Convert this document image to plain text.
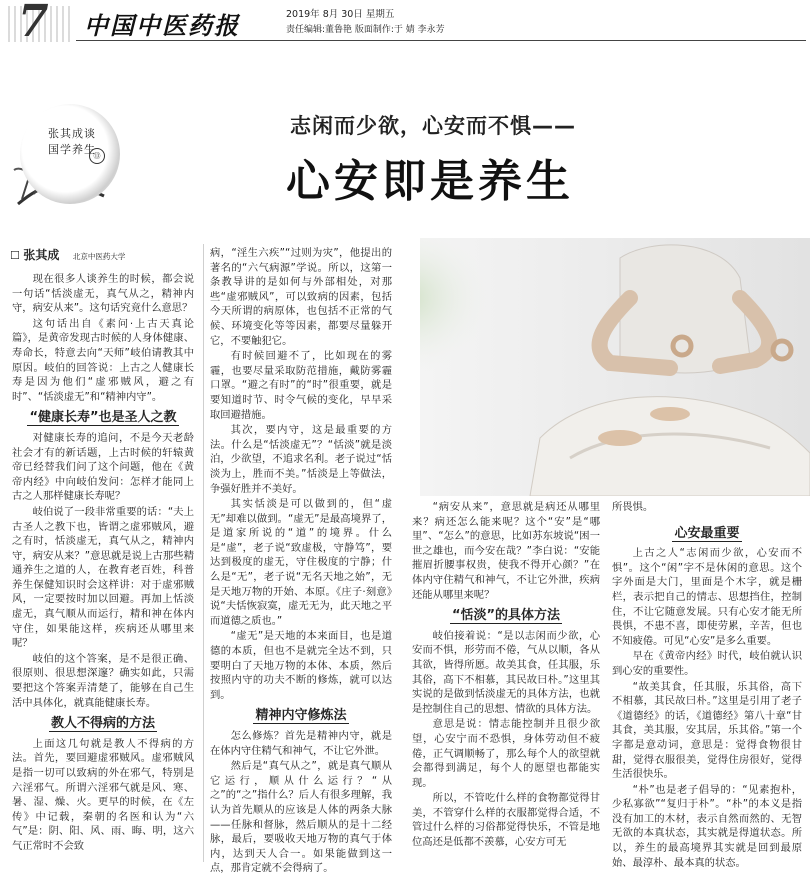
7 中国中医药报	2019年 8月 30日 星期五
责任编辑:董鲁艳 版面制作:于 婧 李永芳
张其成谈
国学养生
⑬
志闲而少欲，心安而不惧——
心安即是养生
☐ 张其成 北京中医药大学

现在很多人谈养生的时候，都会说一句话“恬淡虚无，真气从之，精神内守，病安从来”。这句话究竟什么意思？

这句话出自《素问·上古天真论篇》，是黄帝发现古时候的人身体健康、寿命长，特意去向“天师”岐伯请教其中原因。岐伯的回答说：上古之人健康长寿是因为他们“虚邪贼风，避之有时”、“恬淡虚无”和“精神内守”。

“健康长寿”也是圣人之教

对健康长寿的追问，不是今天老龄社会才有的新话题，上古时候的轩辕黄帝已经替我们问了这个问题，他在《黄帝内经》中向岐伯发问：怎样才能同上古之人那样健康长寿呢？

岐伯说了一段非常重要的话：“夫上古圣人之教下也，皆谓之虚邪贼风，避之有时，恬淡虚无，真气从之，精神内守，病安从来？”意思就是说上古那些精通养生之道的人，在教育老百姓，科普养生保健知识时会这样讲：对于虚邪贼风，一定要按时加以回避。再加上恬淡虚无，真气顺从而运行，精和神在体内守住，如果能这样，疾病还从哪里来呢？

岐伯的这个答案，是不是很正确、很原则、很思想深邃？确实如此，只需要把这个答案弄清楚了，能够在自己生活中具体化，就真能健康长寿。

教人不得病的方法

上面这几句就是教人不得病的方法。首先，要回避虚邪贼风。虚邪贼风是指一切可以致病的外在邪气，特别是六淫邪气。所谓六淫邪气就是风、寒、暑、湿、燥、火。更早的时候，在《左传》中记载，秦朝的名医和认为“六气”是：阴、阳、风、雨、晦、明，这六气正常时不会致

病，“淫生六疾”“过则为灾”，他提出的著名的“六气病源”学说。所以，这第一条教导讲的是如何与外部相处，对那些“虚邪贼风”，可以致病的因素，包括今天所谓的病原体，也包括不正常的气候、环境变化等等因素，都要尽量躲开它，不要触犯它。

有时候回避不了，比如现在的雾霾，也要尽量采取防范措施，戴防雾霾口罩。“避之有时”的“时”很重要，就是要知道时节、时令气候的变化，早早采取回避措施。

其次，要内守，这是最重要的方法。什么是“恬淡虚无”？“恬淡”就是淡泊，少欲望，不追求名利。老子说过“恬淡为上，胜而不美。”恬淡是上等做法，争强好胜并不美好。

其实恬淡是可以做到的，但“虚无”却难以做到。“虚无”是最高境界了，是道家所说的“道”的境界。什么是“虚”，老子说“致虚极，守静笃”，要达到极度的虚无，守住极度的宁静；什么是“无”，老子说“无名天地之始”，无是天地万物的开始、本原。《庄子·刻意》说“夫恬恢寂寞，虚无无为，此天地之平而道德之质也。”

“虚无”是天地的本来面目，也是道德的本质，但也不是就完全达不到，只要明白了天地万物的本体、本质，然后按照内守的功夫不断的修炼，就可以达到。

精神内守修炼法

怎么修炼？首先是精神内守，就是在体内守住精气和神气，不让它外泄。

然后是“真气从之”，就是真气顺从它运行，顺从什么运行？“从之”的“之”指什么？后人有很多理解，我认为首先顺从的应该是人体的两条大脉——任脉和督脉，然后顺从的是十二经脉，最后，要吸收天地万物的真气于体内，达到天人合一。如果能做到这一点，那肯定就不会得病了。

“病安从来”，意思就是病还从哪里来？病还怎么能来呢？这个“安”是“哪里”、“怎么”的意思，比如苏东坡说“困一世之雄也，而今安在哉？”李白说：“安能摧眉折腰事权贵，使我不得开心颜？”在体内守住精气和神气，不让它外泄，疾病还能从哪里来呢？

“恬淡”的具体方法

岐伯接着说：“是以志闲而少欲，心安而不惧，形劳而不倦，气从以顺，各从其欲，皆得所愿。故美其食，任其服，乐其俗，高下不相慕，其民故曰朴。”这里其实说的是做到恬淡虚无的具体方法，也就是控制住自己的思想、情欲的具体方法。

意思是说：情志能控制并且很少欲望，心安宁而不恐惧，身体劳动但不疲倦，正气调顺畅了，那么每个人的欲望就会都得到满足，每个人的愿望也都能实现。

所以，不管吃什么样的食物都觉得甘美，不管穿什么样的衣服都觉得合适，不管过什么样的习俗都觉得快乐，不管是地位高还是低都不羡慕，心安方可无

所畏惧。

心安最重要

上古之人“志闲而少欲，心安而不惧”。这个“闲”字不是休闲的意思。这个字外面是大门，里面是个木字，就是栅栏，表示把自己的情志、思想挡住，控制住，不让它随意发展。只有心安才能无所畏惧，不患不喜，即使劳累，辛苦，但也不知疲倦。可见“心安”是多么重要。

早在《黄帝内经》时代，岐伯就认识到心安的重要性。

“故美其食，任其服，乐其俗，高下不相慕，其民故曰朴。”这里是引用了老子《道德经》的话，《道德经》第八十章“甘其食，美其服，安其居，乐其俗。”第一个字都是意动词，意思是：觉得食物很甘甜，觉得衣服很美，觉得住房很好，觉得生活很快乐。

“朴”也是老子倡导的：“见素抱朴，少私寡欲”“复归于朴”。“朴”的本义是指没有加工的木材，表示自然而然的、无智无欲的本真状态，其实就是得道状态。所以，养生的最高境界其实就是回到最原始、最淳朴、最本真的状态。
